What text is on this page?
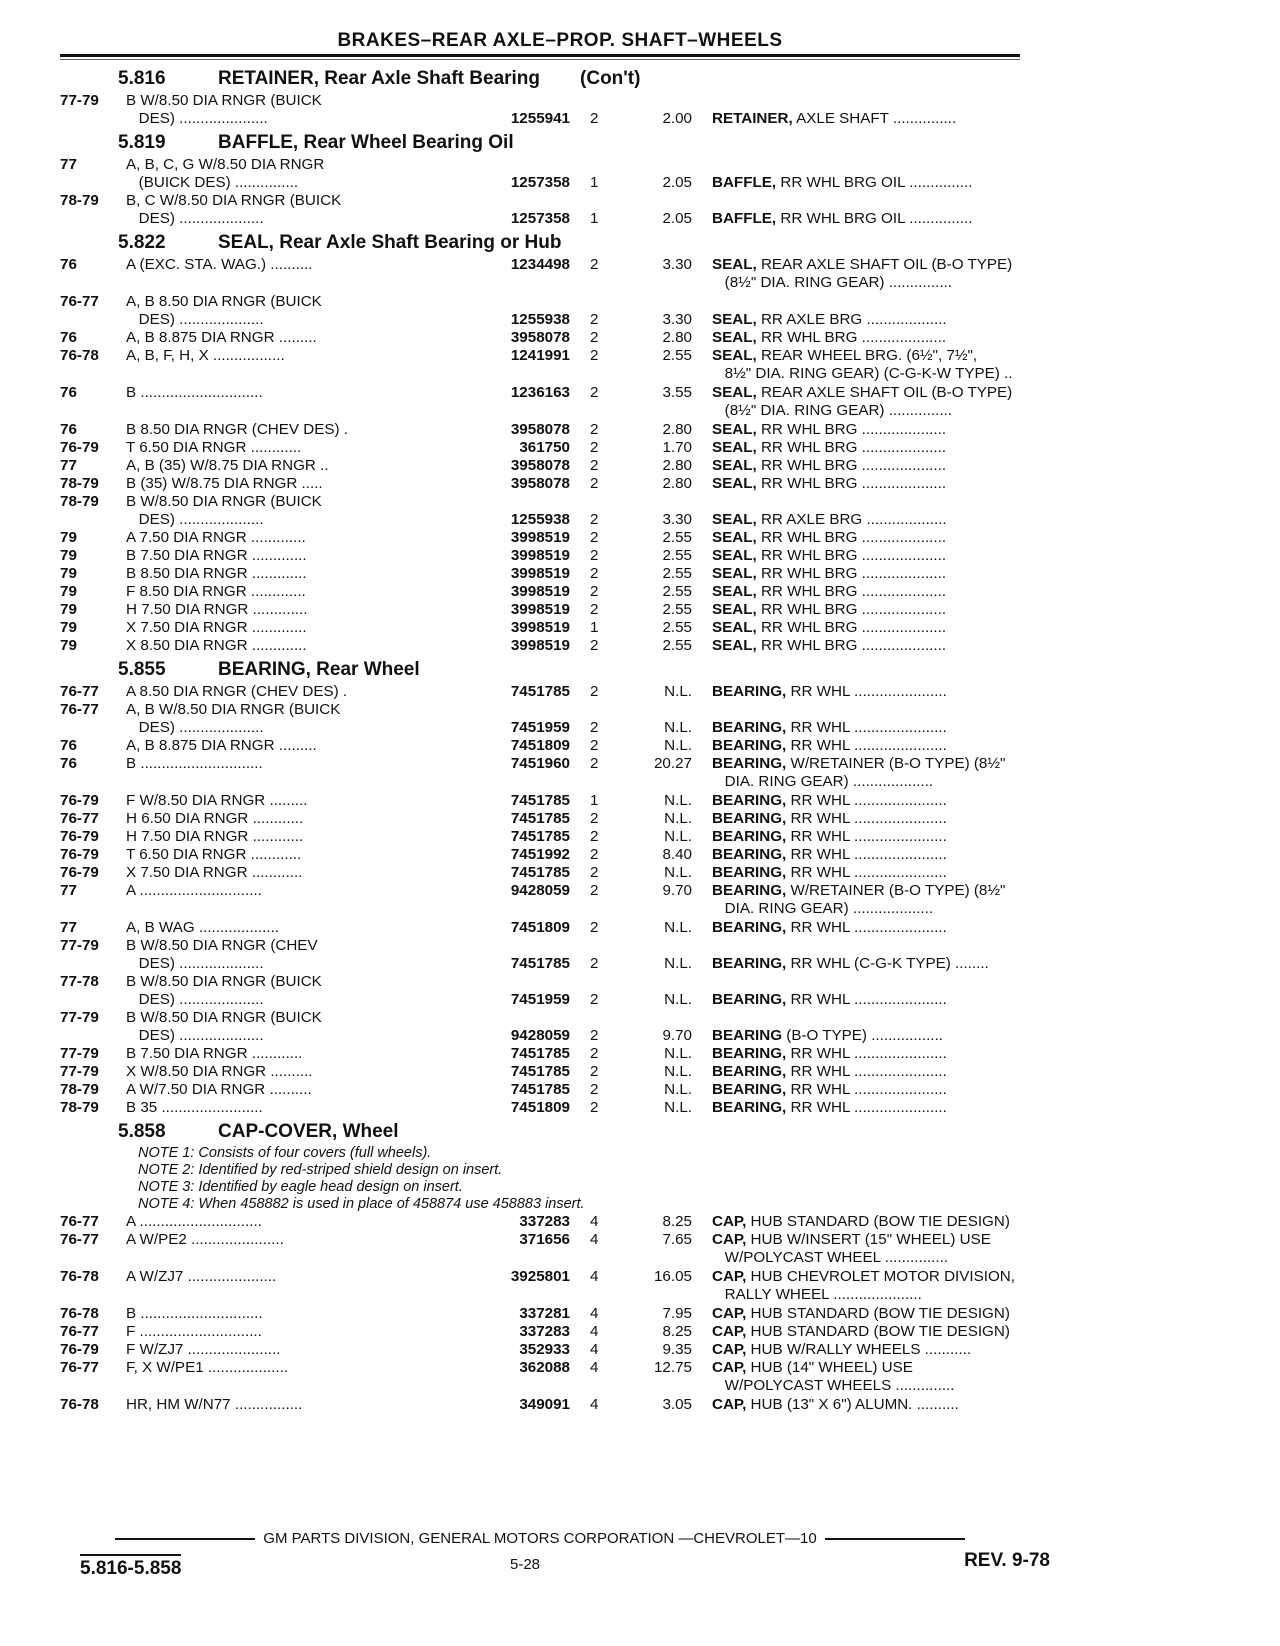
BRAKES–REAR AXLE–PROP. SHAFT–WHEELS
5.816	RETAINER, Rear Axle Shaft Bearing (Con't)
77-79	B W/8.50 DIA RNGR (BUICK
DES) .....................	1255941 2	2.00 RETAINER, AXLE SHAFT ...............
5.819	BAFFLE, Rear Wheel Bearing Oil
77	A, B, C, G W/8.50 DIA RNGR
(BUICK DES) ...............	1257358 1	2.05 BAFFLE, RR WHL BRG OIL ...............
78-79	B, C W/8.50 DIA RNGR (BUICK
DES) ....................	1257358 1	2.05 BAFFLE, RR WHL BRG OIL ...............
5.822	SEAL, Rear Axle Shaft Bearing or Hub
76	A (EXC. STA. WAG.) ..........	1234498 2	3.30 SEAL, REAR AXLE SHAFT OIL (B-O TYPE)
(8½" DIA. RING GEAR) ...............
76-77	A, B 8.50 DIA RNGR (BUICK
DES) ....................	1255938 2	3.30 SEAL, RR AXLE BRG ...................
76	A, B 8.875 DIA RNGR .........	3958078 2	2.80 SEAL, RR WHL BRG ....................
76-78	A, B, F, H, X .................	1241991 2	2.55 SEAL, REAR WHEEL BRG. (6½", 7½",
8½" DIA. RING GEAR) (C-G-K-W TYPE) ..
76	B .............................	1236163 2	3.55 SEAL, REAR AXLE SHAFT OIL (B-O TYPE)
(8½" DIA. RING GEAR) ...............
76	B 8.50 DIA RNGR (CHEV DES) .	3958078 2	2.80 SEAL, RR WHL BRG ....................
76-79	T 6.50 DIA RNGR ............	361750 2	1.70 SEAL, RR WHL BRG ....................
77	A, B (35) W/8.75 DIA RNGR ..	3958078 2	2.80 SEAL, RR WHL BRG ....................
78-79	B (35) W/8.75 DIA RNGR .....	3958078 2	2.80 SEAL, RR WHL BRG ....................
78-79	B W/8.50 DIA RNGR (BUICK
DES) ....................	1255938 2	3.30 SEAL, RR AXLE BRG ...................
79	A 7.50 DIA RNGR .............	3998519 2	2.55 SEAL, RR WHL BRG ....................
79	B 7.50 DIA RNGR .............	3998519 2	2.55 SEAL, RR WHL BRG ....................
79	B 8.50 DIA RNGR .............	3998519 2	2.55 SEAL, RR WHL BRG ....................
79	F 8.50 DIA RNGR .............	3998519 2	2.55 SEAL, RR WHL BRG ....................
79	H 7.50 DIA RNGR .............	3998519 2	2.55 SEAL, RR WHL BRG ....................
79	X 7.50 DIA RNGR .............	3998519 1	2.55 SEAL, RR WHL BRG ....................
79	X 8.50 DIA RNGR .............	3998519 2	2.55 SEAL, RR WHL BRG ....................
5.855	BEARING, Rear Wheel
76-77	A 8.50 DIA RNGR (CHEV DES) .	7451785 2	N.L. BEARING, RR WHL ......................
76-77	A, B W/8.50 DIA RNGR (BUICK
DES) ....................	7451959 2	N.L. BEARING, RR WHL ......................
76	A, B 8.875 DIA RNGR .........	7451809 2	N.L. BEARING, RR WHL ......................
76	B .............................	7451960 2	20.27 BEARING, W/RETAINER (B-O TYPE) (8½"
DIA. RING GEAR) ...................
76-79	F W/8.50 DIA RNGR .........	7451785 1	N.L. BEARING, RR WHL ......................
76-77	H 6.50 DIA RNGR ............	7451785 2	N.L. BEARING, RR WHL ......................
76-79	H 7.50 DIA RNGR ............	7451785 2	N.L. BEARING, RR WHL ......................
76-79	T 6.50 DIA RNGR ............	7451992 2	8.40 BEARING, RR WHL ......................
76-79	X 7.50 DIA RNGR ............	7451785 2	N.L. BEARING, RR WHL ......................
77	A .............................	9428059 2	9.70 BEARING, W/RETAINER (B-O TYPE) (8½"
DIA. RING GEAR) ...................
77	A, B WAG ...................	7451809 2	N.L. BEARING, RR WHL ......................
77-79	B W/8.50 DIA RNGR (CHEV
DES) ....................	7451785 2	N.L. BEARING, RR WHL (C-G-K TYPE) ........
77-78	B W/8.50 DIA RNGR (BUICK
DES) ....................	7451959 2	N.L. BEARING, RR WHL ......................
77-79	B W/8.50 DIA RNGR (BUICK
DES) ....................	9428059 2	9.70 BEARING (B-O TYPE) .................
77-79	B 7.50 DIA RNGR ............	7451785 2	N.L. BEARING, RR WHL ......................
77-79	X W/8.50 DIA RNGR ..........	7451785 2	N.L. BEARING, RR WHL ......................
78-79	A W/7.50 DIA RNGR ..........	7451785 2	N.L. BEARING, RR WHL ......................
78-79	B 35 ........................	7451809 2	N.L. BEARING, RR WHL ......................
5.858	CAP-COVER, Wheel
NOTE 1: Consists of four covers (full wheels).
NOTE 2: Identified by red-striped shield design on insert.
NOTE 3: Identified by eagle head design on insert.
NOTE 4: When 458882 is used in place of 458874 use 458883 insert.
76-77	A .............................	337283 4	8.25 CAP, HUB STANDARD (BOW TIE DESIGN)
76-77	A W/PE2 ......................	371656 4	7.65 CAP, HUB W/INSERT (15" WHEEL) USE
W/POLYCAST WHEEL ...............
76-78	A W/ZJ7 .....................	3925801 4	16.05 CAP, HUB CHEVROLET MOTOR DIVISION,
RALLY WHEEL .....................
76-78	B .............................	337281 4	7.95 CAP, HUB STANDARD (BOW TIE DESIGN)
76-77	F .............................	337283 4	8.25 CAP, HUB STANDARD (BOW TIE DESIGN)
76-79	F W/ZJ7 ......................	352933 4	9.35 CAP, HUB W/RALLY WHEELS ...........
76-77	F, X W/PE1 ...................	362088 4	12.75 CAP, HUB (14" WHEEL) USE
W/POLYCAST WHEELS ..............
76-78	HR, HM W/N77 ................	349091 4	3.05 CAP, HUB (13" X 6") ALUMN. ..........
GM PARTS DIVISION, GENERAL MOTORS CORPORATION —CHEVROLET—10
5.816-5.858	5-28	REV. 9-78
